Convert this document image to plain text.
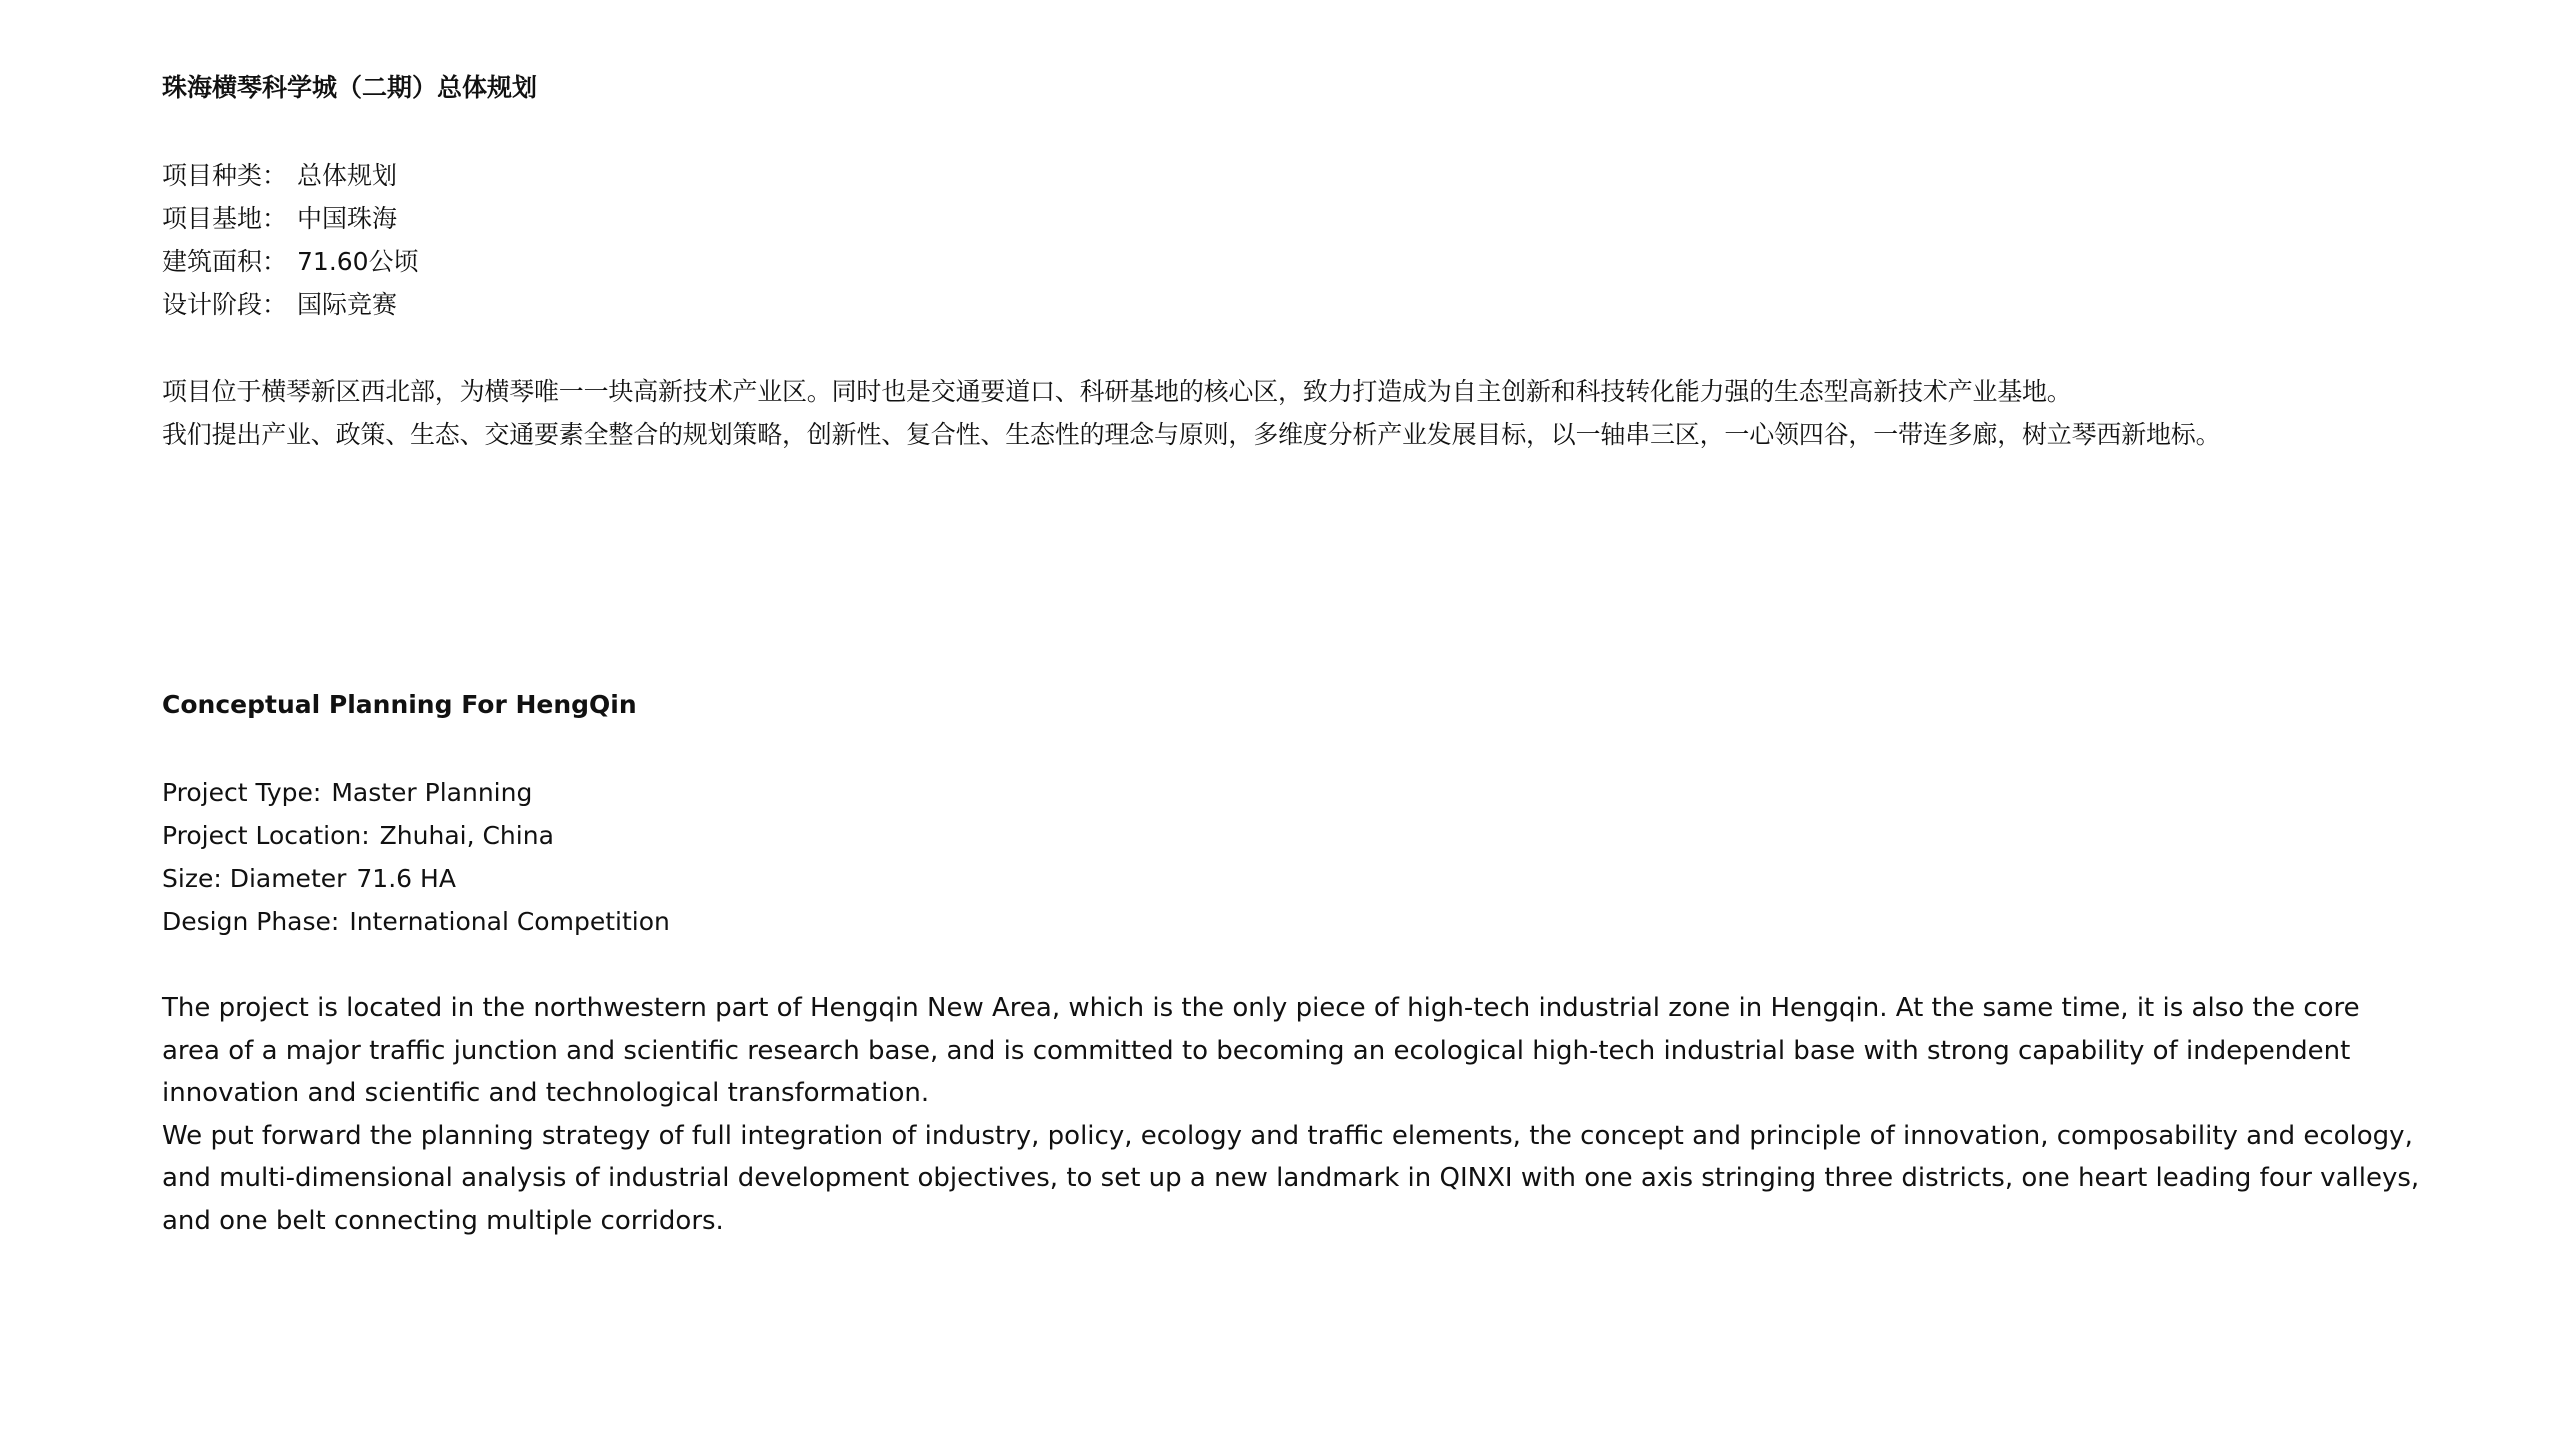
珠海横琴科学城（二期）总体规划
项目种类： 总体规划
项目基地： 中国珠海
建筑面积： 71.60公顷
设计阶段： 国际竞赛

项目位于横琴新区西北部，为横琴唯一一块高新技术产业区。同时也是交通要道口、科研基地的核心区，致力打造成为自主创新和科技转化能力强的生态型高新技术产业基地。

我们提出产业、政策、生态、交通要素全整合的规划策略，创新性、复合性、生态性的理念与原则，多维度分析产业发展目标，以一轴串三区，一心领四谷，一带连多廊，树立琴西新地标。

Conceptual Planning For HengQin
Project Type: Master Planning
Project Location: Zhuhai, China
Size: Diameter 71.6 HA
Design Phase: International Competition

The project is located in the northwestern part of Hengqin New Area, which is the only piece of high-tech industrial zone in Hengqin. At the same time, it is also the core area of a major traffic junction and scientific research base, and is committed to becoming an ecological high-tech industrial base with strong capability of independent innovation and scientific and technological transformation.

We put forward the planning strategy of full integration of industry, policy, ecology and traffic elements, the concept and principle of innovation, composability and ecology, and multi-dimensional analysis of industrial development objectives, to set up a new landmark in QINXI with one axis stringing three districts, one heart leading four valleys, and one belt connecting multiple corridors.
